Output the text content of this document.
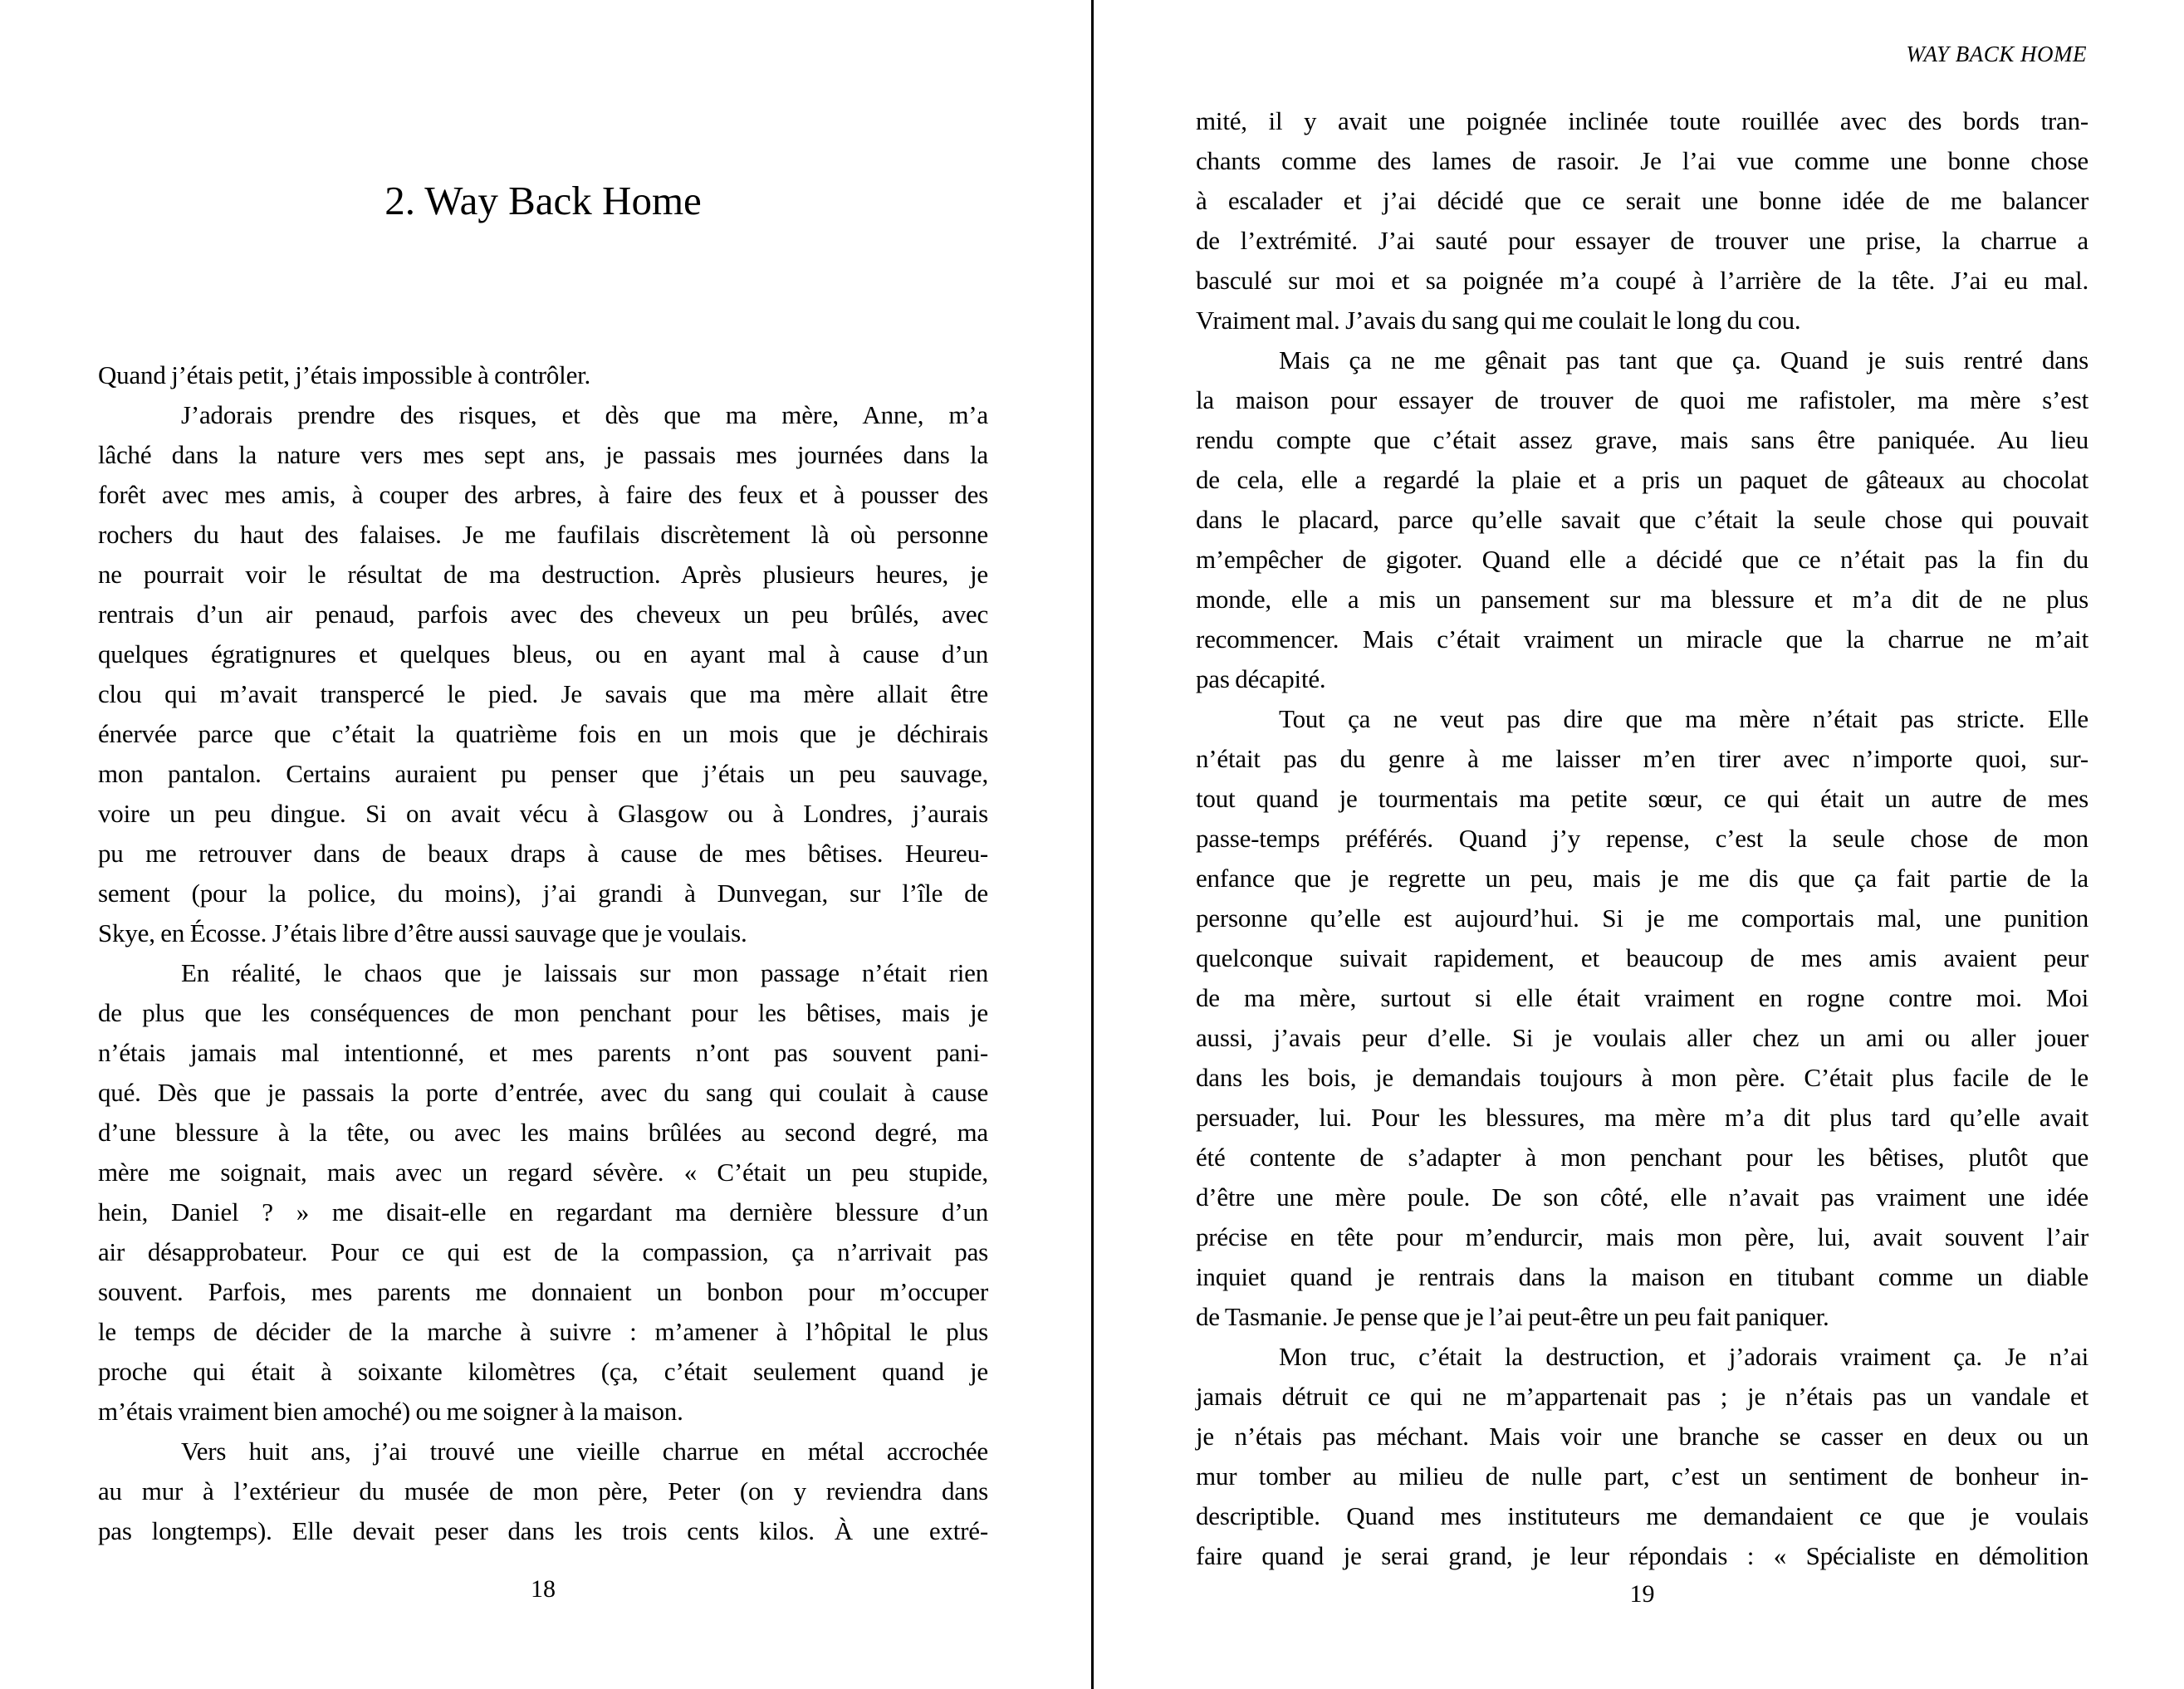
2. Way Back Home
Quand j’étais petit, j’étais impossible à contrôler.
J’adorais prendre des risques, et dès que ma mère, Anne, m’a
lâché dans la nature vers mes sept ans, je passais mes journées dans la
forêt avec mes amis, à couper des arbres, à faire des feux et à pousser des
rochers du haut des falaises. Je me faufilais discrètement là où personne
ne pourrait voir le résultat de ma destruction. Après plusieurs heures, je
rentrais d’un air penaud, parfois avec des cheveux un peu brûlés, avec
quelques égratignures et quelques bleus, ou en ayant mal à cause d’un
clou qui m’avait transpercé le pied. Je savais que ma mère allait être
énervée parce que c’était la quatrième fois en un mois que je déchirais
mon pantalon. Certains auraient pu penser que j’étais un peu sauvage,
voire un peu dingue. Si on avait vécu à Glasgow ou à Londres, j’aurais
pu me retrouver dans de beaux draps à cause de mes bêtises. Heureu-
sement (pour la police, du moins), j’ai grandi à Dunvegan, sur l’île de
Skye, en Écosse. J’étais libre d’être aussi sauvage que je voulais.
En réalité, le chaos que je laissais sur mon passage n’était rien
de plus que les conséquences de mon penchant pour les bêtises, mais je
n’étais jamais mal intentionné, et mes parents n’ont pas souvent pani-
qué. Dès que je passais la porte d’entrée, avec du sang qui coulait à cause
d’une blessure à la tête, ou avec les mains brûlées au second degré, ma
mère me soignait, mais avec un regard sévère. « C’était un peu stupide,
hein, Daniel ? » me disait-elle en regardant ma dernière blessure d’un
air désapprobateur. Pour ce qui est de la compassion, ça n’arrivait pas
souvent. Parfois, mes parents me donnaient un bonbon pour m’occuper
le temps de décider de la marche à suivre : m’amener à l’hôpital le plus
proche qui était à soixante kilomètres (ça, c’était seulement quand je
m’étais vraiment bien amoché) ou me soigner à la maison.
Vers huit ans, j’ai trouvé une vieille charrue en métal accrochée
au mur à l’extérieur du musée de mon père, Peter (on y reviendra dans
pas longtemps). Elle devait peser dans les trois cents kilos. À une extré-
18
WAY BACK HOME
mité, il y avait une poignée inclinée toute rouillée avec des bords tran-
chants comme des lames de rasoir. Je l’ai vue comme une bonne chose
à escalader et j’ai décidé que ce serait une bonne idée de me balancer
de l’extrémité. J’ai sauté pour essayer de trouver une prise, la charrue a
basculé sur moi et sa poignée m’a coupé à l’arrière de la tête. J’ai eu mal.
Vraiment mal. J’avais du sang qui me coulait le long du cou.
Mais ça ne me gênait pas tant que ça. Quand je suis rentré dans
la maison pour essayer de trouver de quoi me rafistoler, ma mère s’est
rendu compte que c’était assez grave, mais sans être paniquée. Au lieu
de cela, elle a regardé la plaie et a pris un paquet de gâteaux au chocolat
dans le placard, parce qu’elle savait que c’était la seule chose qui pouvait
m’empêcher de gigoter. Quand elle a décidé que ce n’était pas la fin du
monde, elle a mis un pansement sur ma blessure et m’a dit de ne plus
recommencer. Mais c’était vraiment un miracle que la charrue ne m’ait
pas décapité.
Tout ça ne veut pas dire que ma mère n’était pas stricte. Elle
n’était pas du genre à me laisser m’en tirer avec n’importe quoi, sur-
tout quand je tourmentais ma petite sœur, ce qui était un autre de mes
passe-temps préférés. Quand j’y repense, c’est la seule chose de mon
enfance que je regrette un peu, mais je me dis que ça fait partie de la
personne qu’elle est aujourd’hui. Si je me comportais mal, une punition
quelconque suivait rapidement, et beaucoup de mes amis avaient peur
de ma mère, surtout si elle était vraiment en rogne contre moi. Moi
aussi, j’avais peur d’elle. Si je voulais aller chez un ami ou aller jouer
dans les bois, je demandais toujours à mon père. C’était plus facile de le
persuader, lui. Pour les blessures, ma mère m’a dit plus tard qu’elle avait
été contente de s’adapter à mon penchant pour les bêtises, plutôt que
d’être une mère poule. De son côté, elle n’avait pas vraiment une idée
précise en tête pour m’endurcir, mais mon père, lui, avait souvent l’air
inquiet quand je rentrais dans la maison en titubant comme un diable
de Tasmanie. Je pense que je l’ai peut-être un peu fait paniquer.
Mon truc, c’était la destruction, et j’adorais vraiment ça. Je n’ai
jamais détruit ce qui ne m’appartenait pas ; je n’étais pas un vandale et
je n’étais pas méchant. Mais voir une branche se casser en deux ou un
mur tomber au milieu de nulle part, c’est un sentiment de bonheur in-
descriptible. Quand mes instituteurs me demandaient ce que je voulais
faire quand je serai grand, je leur répondais : « Spécialiste en démolition
19
